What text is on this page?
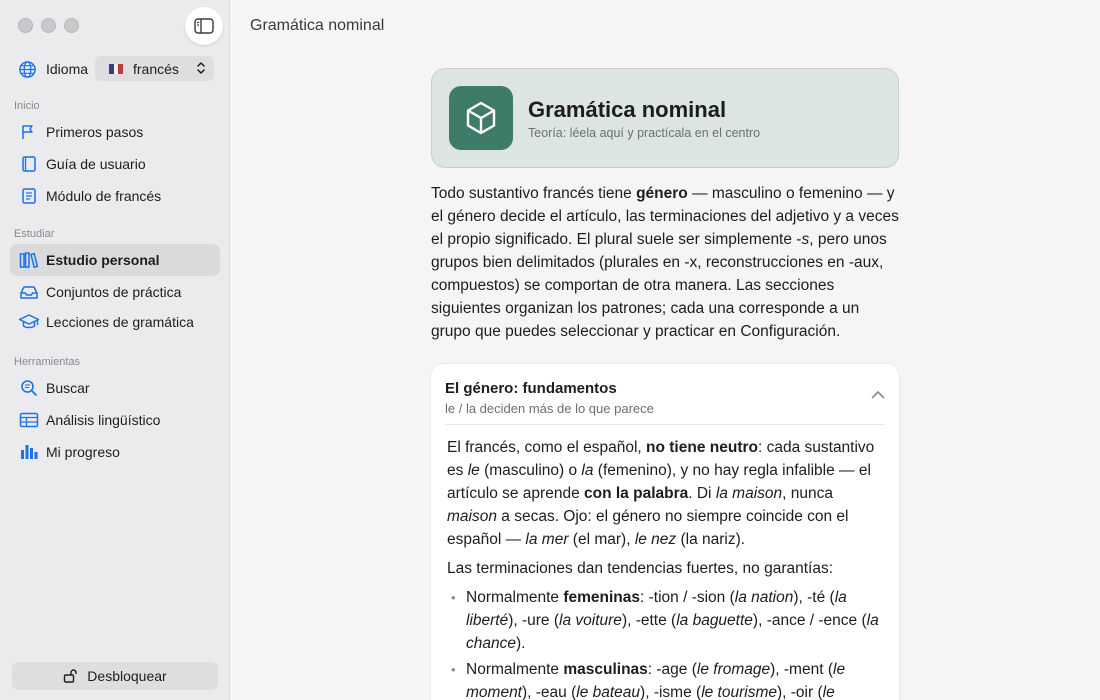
Idioma	francés
Inicio
Primeros pasos
Guía de usuario
Módulo de francés
Estudiar
Estudio personal
Conjuntos de práctica
Lecciones de gramática
Herramientas
Buscar
Análisis lingüístico
Mi progreso
Desbloquear
Gramática nominal
Gramática nominal
Teoría: léela aquí y practícala en el centro
Todo sustantivo francés tiene género — masculino o femenino — y el género decide el artículo, las terminaciones del adjetivo y a veces el propio significado. El plural suele ser simplemente -s, pero unos grupos bien delimitados (plurales en -x, reconstrucciones en -aux, compuestos) se comportan de otra manera. Las secciones siguientes organizan los patrones; cada una corresponde a un grupo que puedes seleccionar y practicar en Configuración.
El género: fundamentos
le / la deciden más de lo que parece

El francés, como el español, no tiene neutro: cada sustantivo es le (masculino) o la (femenino), y no hay regla infalible — el artículo se aprende con la palabra. Di la maison, nunca maison a secas. Ojo: el género no siempre coincide con el español — la mer (el mar), le nez (la nariz).

Las terminaciones dan tendencias fuertes, no garantías:

• Normalmente femeninas: -tion / -sion (la nation), -té (la liberté), -ure (la voiture), -ette (la baguette), -ance / -ence (la chance).
• Normalmente masculinas: -age (le fromage), -ment (le moment), -eau (le bateau), -isme (le tourisme), -oir (le
